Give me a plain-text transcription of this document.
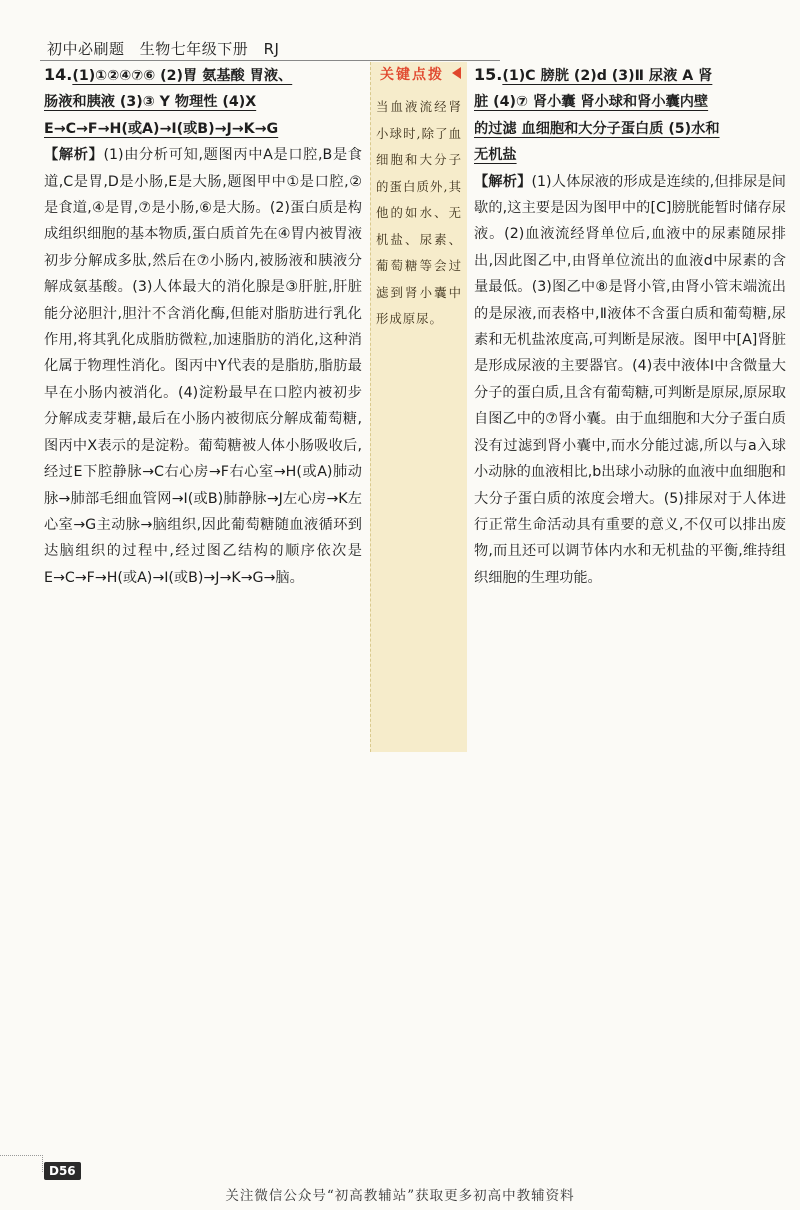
初中必刷题 生物七年级下册 RJ
14.(1)①②④⑦⑥ (2)胃 氨基酸 胃液、
肠液和胰液 (3)③ Y 物理性 (4)X
E→C→F→H(或A)→I(或B)→J→K→G

【解析】(1)由分析可知,题图丙中A是口腔,B是食道,C是胃,D是小肠,E是大肠,题图甲中①是口腔,②是食道,④是胃,⑦是小肠,⑥是大肠。(2)蛋白质是构成组织细胞的基本物质,蛋白质首先在④胃内被胃液初步分解成多肽,然后在⑦小肠内,被肠液和胰液分解成氨基酸。(3)人体最大的消化腺是③肝脏,肝脏能分泌胆汁,胆汁不含消化酶,但能对脂肪进行乳化作用,将其乳化成脂肪微粒,加速脂肪的消化,这种消化属于物理性消化。图丙中Y代表的是脂肪,脂肪最早在小肠内被消化。(4)淀粉最早在口腔内被初步分解成麦芽糖,最后在小肠内被彻底分解成葡萄糖,图丙中X表示的是淀粉。葡萄糖被人体小肠吸收后,经过E下腔静脉→C右心房→F右心室→H(或A)肺动脉→肺部毛细血管网→I(或B)肺静脉→J左心房→K左心室→G主动脉→脑组织,因此葡萄糖随血液循环到达脑组织的过程中,经过图乙结构的顺序依次是E→C→F→H(或A)→I(或B)→J→K→G→脑。

关键点拨
当血液流经肾小球时,除了血细胞和大分子的蛋白质外,其他的如水、无机盐、尿素、葡萄糖等会过滤到肾小囊中形成原尿。
15.(1)C 膀胱 (2)d (3)Ⅱ 尿液 A 肾
脏 (4)⑦ 肾小囊 肾小球和肾小囊内壁
的过滤 血细胞和大分子蛋白质 (5)水和
无机盐

【解析】(1)人体尿液的形成是连续的,但排尿是间歇的,这主要是因为图甲中的[C]膀胱能暂时储存尿液。(2)血液流经肾单位后,血液中的尿素随尿排出,因此图乙中,由肾单位流出的血液d中尿素的含量最低。(3)图乙中⑧是肾小管,由肾小管末端流出的是尿液,而表格中,Ⅱ液体不含蛋白质和葡萄糖,尿素和无机盐浓度高,可判断是尿液。图甲中[A]肾脏是形成尿液的主要器官。(4)表中液体Ⅰ中含微量大分子的蛋白质,且含有葡萄糖,可判断是原尿,原尿取自图乙中的⑦肾小囊。由于血细胞和大分子蛋白质没有过滤到肾小囊中,而水分能过滤,所以与a入球小动脉的血液相比,b出球小动脉的血液中血细胞和大分子蛋白质的浓度会增大。(5)排尿对于人体进行正常生命活动具有重要的意义,不仅可以排出废物,而且还可以调节体内水和无机盐的平衡,维持组织细胞的生理功能。

D56
关注微信公众号“初高教辅站”获取更多初高中教辅资料
